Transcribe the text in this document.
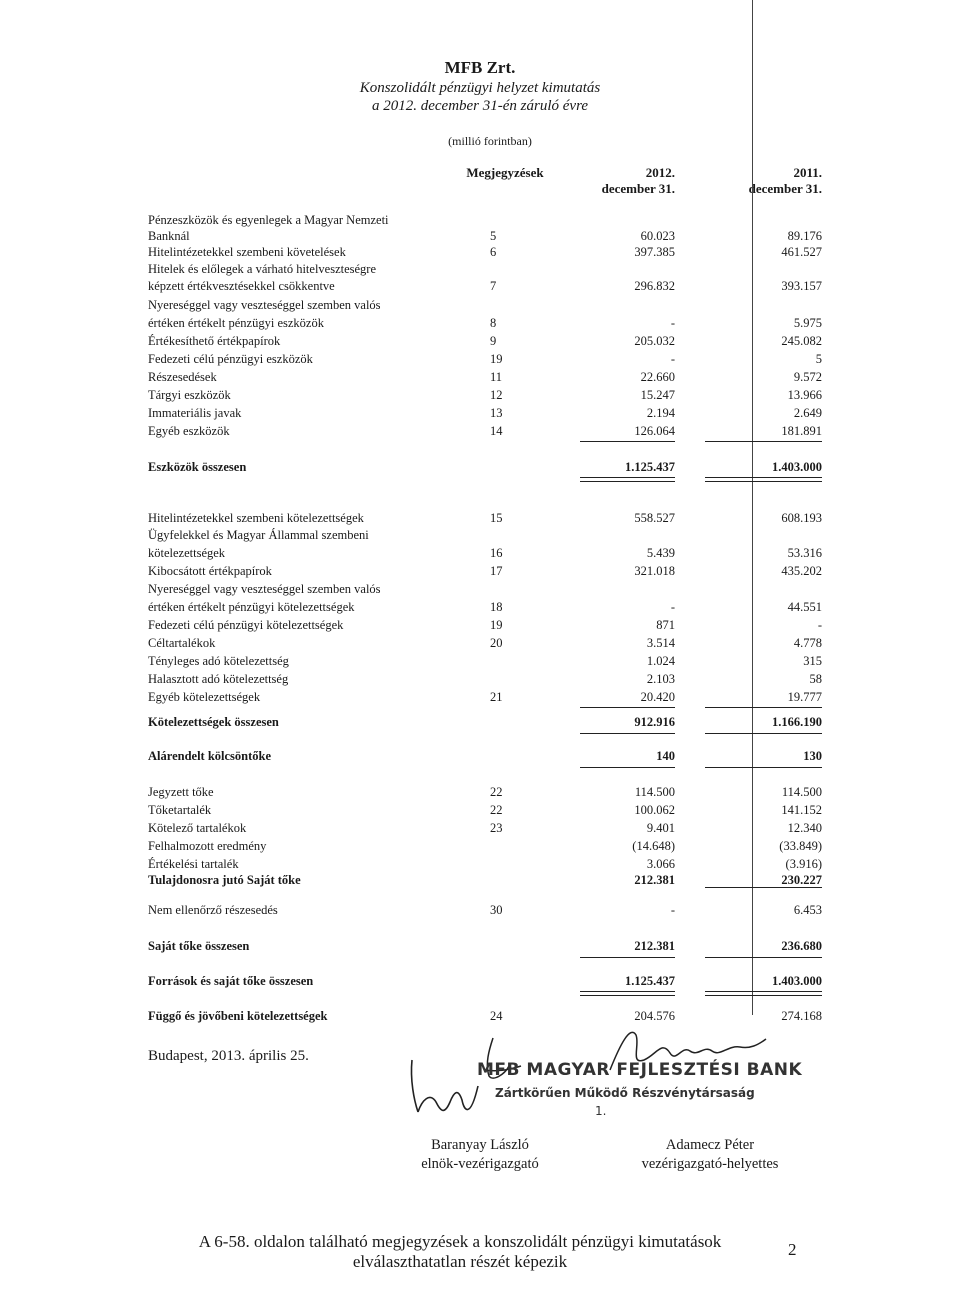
MFB Zrt.
Konszolidált pénzügyi helyzet kimutatás
a 2012. december 31-én záruló évre
(millió forintban)
Megjegyzések	2012.
december 31.
2011.
december 31.
Pénzeszközök és egyenlegek a Magyar Nemzeti
Banknál	5	60.023	89.176
Hitelintézetekkel szembeni követelések	6	397.385	461.527
Hitelek és előlegek a várható hitelveszteségre
képzett értékvesztésekkel csökkentve	7	296.832	393.157
Nyereséggel vagy veszteséggel szemben valós
értéken értékelt pénzügyi eszközök	8	-	5.975
Értékesíthető értékpapírok	9	205.032	245.082
Fedezeti célú pénzügyi eszközök	19	-	5
Részesedések	11	22.660	9.572
Tárgyi eszközök	12	15.247	13.966
Immateriális javak	13	2.194	2.649
Egyéb eszközök	14	126.064	181.891
Eszközök összesen	1.125.437	1.403.000
Hitelintézetekkel szembeni kötelezettségek	15	558.527	608.193
Ügyfelekkel és Magyar Állammal szembeni
kötelezettségek	16	5.439	53.316
Kibocsátott értékpapírok	17	321.018	435.202
Nyereséggel vagy veszteséggel szemben valós
értéken értékelt pénzügyi kötelezettségek	18	-	44.551
Fedezeti célú pénzügyi kötelezettségek	19	871	-
Céltartalékok	20	3.514	4.778
Tényleges adó kötelezettség	1.024	315
Halasztott adó kötelezettség	2.103	58
Egyéb kötelezettségek	21	20.420	19.777
Kötelezettségek összesen	912.916	1.166.190
Alárendelt kölcsöntőke	140	130
Jegyzett tőke	22	114.500	114.500
Tőketartalék	22	100.062	141.152
Kötelező tartalékok	23	9.401	12.340
Felhalmozott eredmény	(14.648)	(33.849)
Értékelési tartalék	3.066	(3.916)
Tulajdonosra jutó Saját tőke	212.381	230.227
Nem ellenőrző részesedés	30	-	6.453
Saját tőke összesen	212.381	236.680
Források és saját tőke összesen	1.125.437	1.403.000
Függő és jövőbeni kötelezettségek	24	204.576	274.168
Budapest, 2013. április 25.
MFB MAGYAR FEJLESZTÉSI BANK
Zártkörűen Működő Részvénytársaság
1.
Baranyay László
elnök-vezérigazgató
Adamecz Péter
vezérigazgató-helyettes
A 6-58. oldalon található megjegyzések a konszolidált pénzügyi kimutatások
elválaszthatatlan részét képezik
2
